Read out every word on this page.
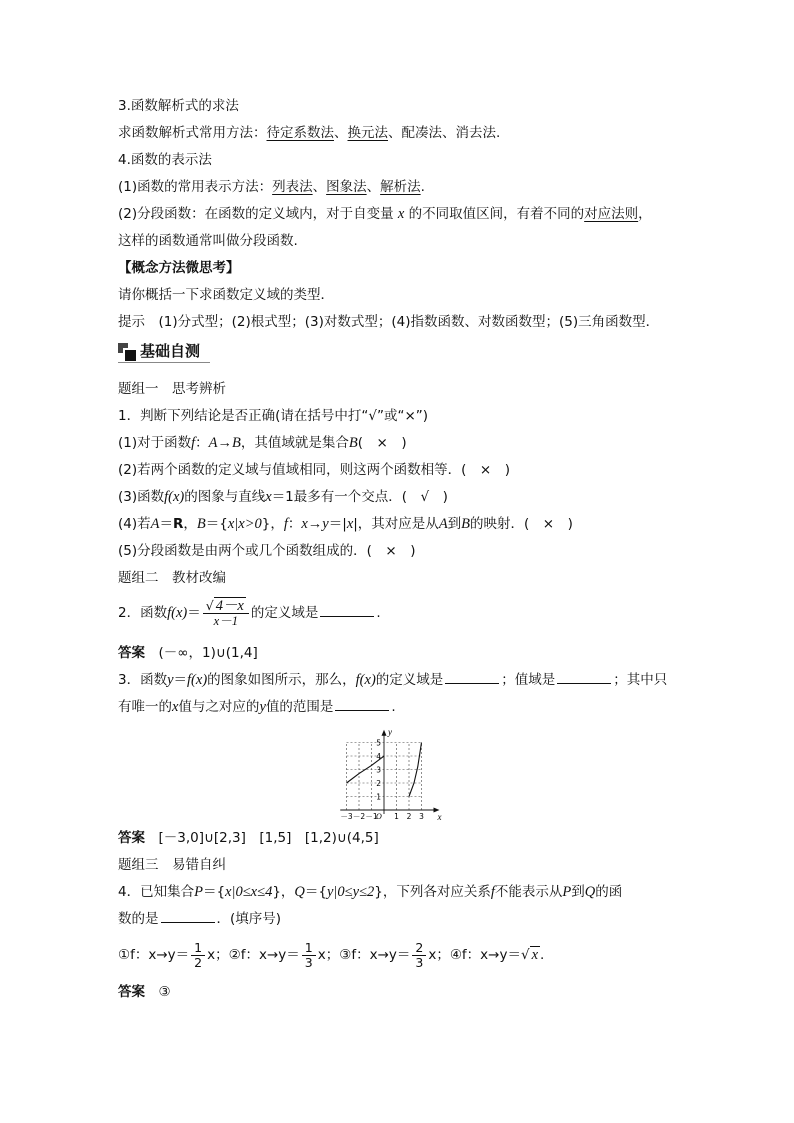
3.函数解析式的求法
求函数解析式常用方法：待定系数法、换元法、配凑法、消去法.
4.函数的表示法
(1)函数的常用表示方法：列表法、图象法、解析法.
(2)分段函数：在函数的定义域内，对于自变量 x 的不同取值区间，有着不同的对应法则，
这样的函数通常叫做分段函数.
【概念方法微思考】
请你概括一下求函数定义域的类型．
提示　 (1)分式型；(2)根式型；(3)对数式型；(4)指数函数、对数函数型；(5)三角函数型．
基础自测
题组一　思考辨析
1．判断下列结论是否正确(请在括号中打“√”或“×”)
(1)对于函数f：A→B，其值域就是集合B(　×　)
(2)若两个函数的定义域与值域相同，则这两个函数相等．(　×　)
(3)函数f(x)的图象与直线x＝1最多有一个交点．(　√　)
(4)若A＝R，B＝{x|x>0}，f：x→y＝|x|，其对应是从A到B的映射．(　×　)
(5)分段函数是由两个或几个函数组成的．(　×　)
题组二　教材改编
2．函数$f(x)= \frac{√ 4-x}{x-1}$ 的定义域是	.
答案　 (－∞，1)∪(1,4]
3．函数y＝f(x)的图象如图所示，那么，f(x)的定义域是	；值域是	；其中只
有唯一的x值与之对应的y值的范围是	.
x
y
O
－3 －2 －1 1 2 3
1
2
3
4
5
答案　 [－3,0]∪[2,3]　[1,5]　[1,2)∪(4,5]
题组三　易错自纠
4．已知集合P＝{x|0≤x≤4}，Q＝{y|0≤y≤2}，下列各对应关系f不能表示从P到Q的函
数的是	．(填序号)
①f：$x\to y= \frac{1}{2}$ x；②f：$x\to y= \frac{1}{3}$ x；③f：$x\to y= \frac{2}{3}$ x；④f：x→y＝√ x .
答案　 ③
